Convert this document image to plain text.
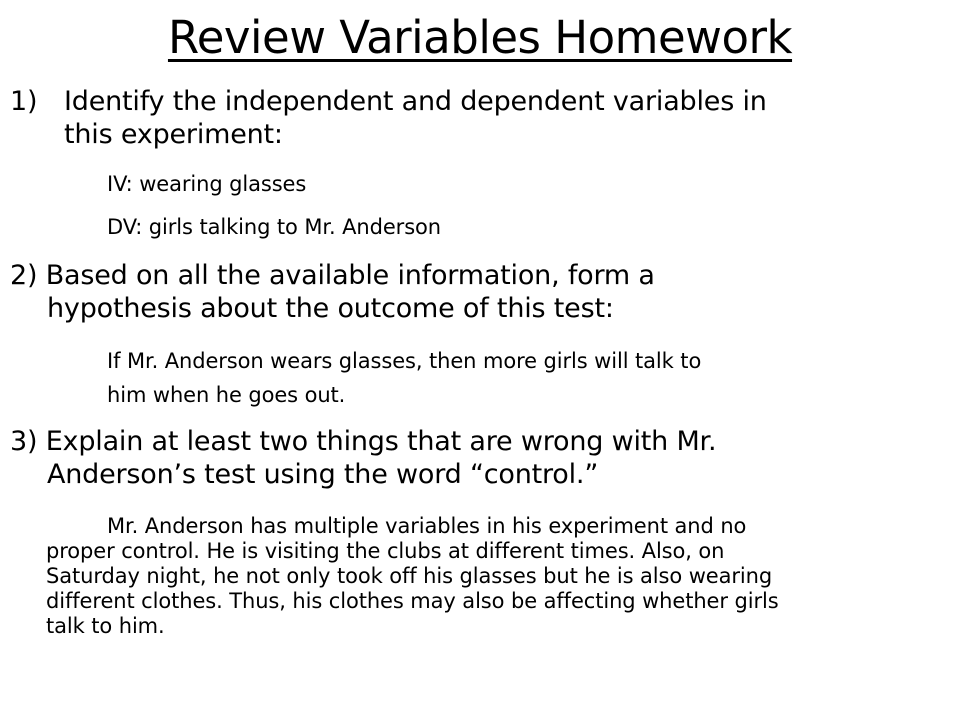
Review Variables Homework
1) Identify the independent and dependent variables in
this experiment:
IV: wearing glasses
DV: girls talking to Mr. Anderson
2) Based on all the available information, form a
hypothesis about the outcome of this test:
If Mr. Anderson wears glasses, then more girls will talk to
him when he goes out.
3) Explain at least two things that are wrong with Mr.
Anderson’s test using the word “control.”
Mr. Anderson has multiple variables in his experiment and no
proper control. He is visiting the clubs at different times. Also, on
Saturday night, he not only took off his glasses but he is also wearing
different clothes. Thus, his clothes may also be affecting whether girls
talk to him.
